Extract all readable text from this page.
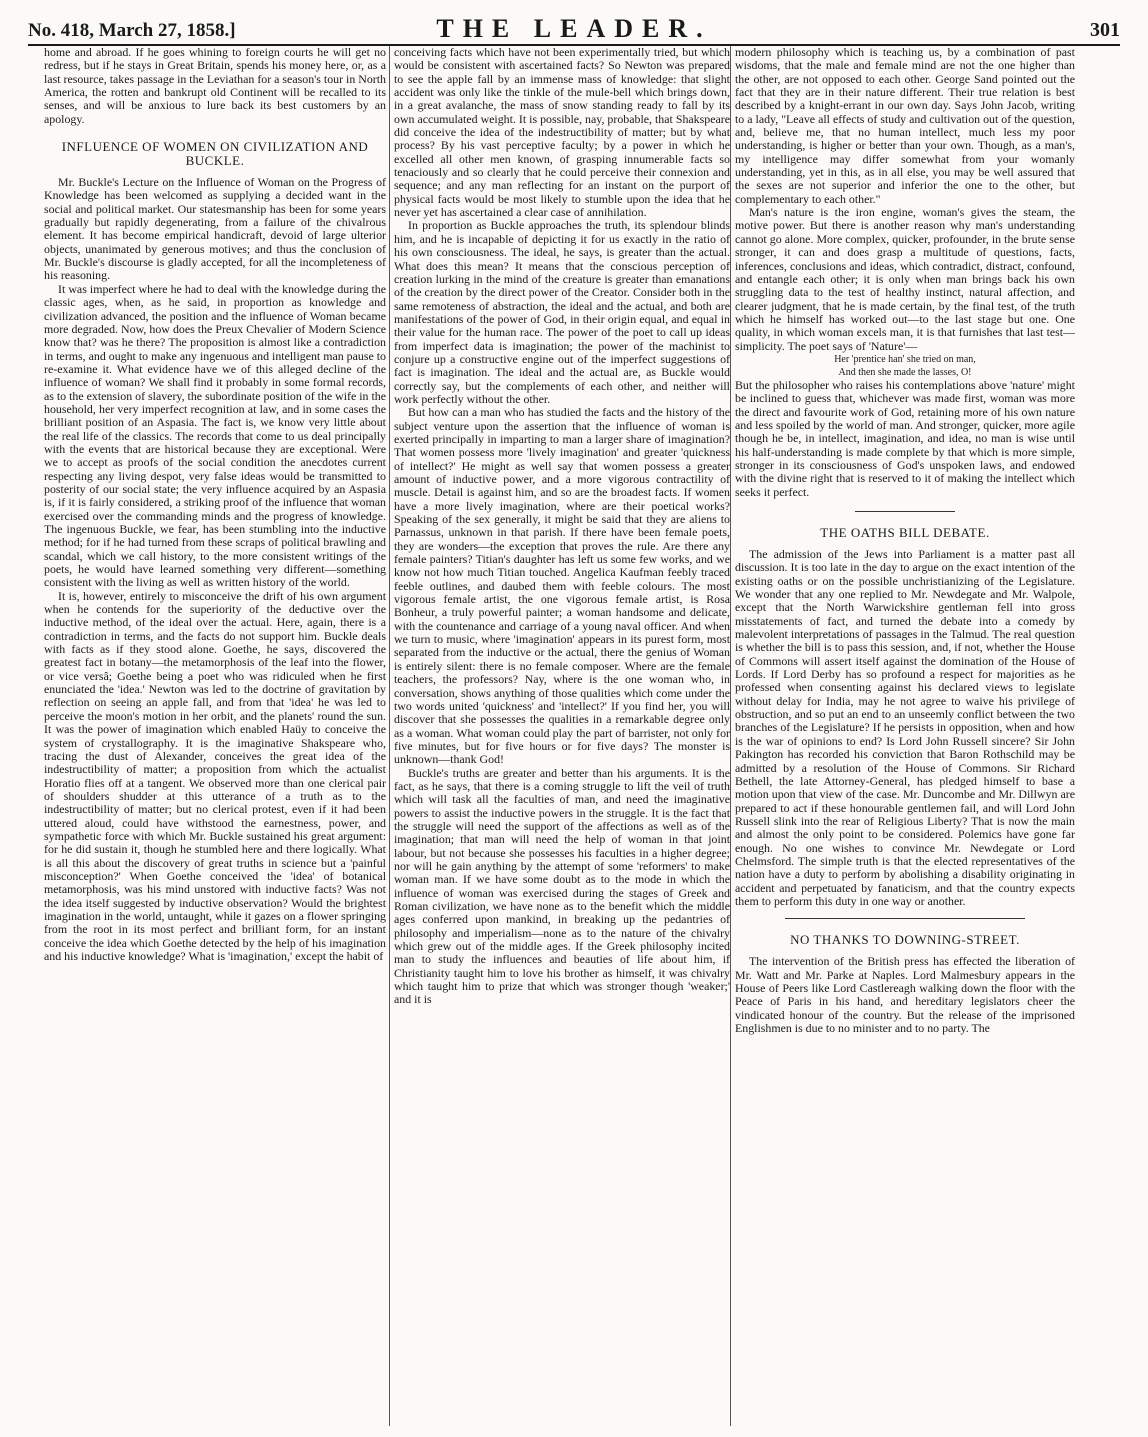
No. 418, March 27, 1858.]	THE LEADER.	301

home and abroad. If he goes whining to foreign courts he will get no redress, but if he stays in Great Britain, spends his money here, or, as a last resource, takes passage in the Leviathan for a season's tour in North America, the rotten and bankrupt old Continent will be recalled to its senses, and will be anxious to lure back its best customers by an apology.

INFLUENCE OF WOMEN ON CIVILIZATION AND BUCKLE.

Mr. Buckle's Lecture on the Influence of Woman on the Progress of Knowledge has been welcomed as supplying a decided want in the social and political market. Our statesmanship has been for some years gradually but rapidly degenerating, from a failure of the chivalrous element. It has become empirical handicraft, devoid of large ulterior objects, unanimated by generous motives; and thus the conclusion of Mr. Buckle's discourse is gladly accepted, for all the incompleteness of his reasoning.

It was imperfect where he had to deal with the knowledge during the classic ages, when, as he said, in proportion as knowledge and civilization advanced, the position and the influence of Woman became more degraded. Now, how does the Preux Chevalier of Modern Science know that? was he there? The proposition is almost like a contradiction in terms, and ought to make any ingenuous and intelligent man pause to re-examine it. What evidence have we of this alleged decline of the influence of woman? We shall find it probably in some formal records, as to the extension of slavery, the subordinate position of the wife in the household, her very imperfect recognition at law, and in some cases the brilliant position of an Aspasia. The fact is, we know very little about the real life of the classics. The records that come to us deal principally with the events that are historical because they are exceptional. Were we to accept as proofs of the social condition the anecdotes current respecting any living despot, very false ideas would be transmitted to posterity of our social state; the very influence acquired by an Aspasia is, if it is fairly considered, a striking proof of the influence that woman exercised over the commanding minds and the progress of knowledge. The ingenuous Buckle, we fear, has been stumbling into the inductive method; for if he had turned from these scraps of political brawling and scandal, which we call history, to the more consistent writings of the poets, he would have learned something very different—something consistent with the living as well as written history of the world.

It is, however, entirely to misconceive the drift of his own argument when he contends for the superiority of the deductive over the inductive method, of the ideal over the actual. Here, again, there is a contradiction in terms, and the facts do not support him. Buckle deals with facts as if they stood alone. Goethe, he says, discovered the greatest fact in botany—the metamorphosis of the leaf into the flower, or vice versâ; Goethe being a poet who was ridiculed when he first enunciated the 'idea.' Newton was led to the doctrine of gravitation by reflection on seeing an apple fall, and from that 'idea' he was led to perceive the moon's motion in her orbit, and the planets' round the sun. It was the power of imagination which enabled Haüy to conceive the system of crystallography. It is the imaginative Shakspeare who, tracing the dust of Alexander, conceives the great idea of the indestructibility of matter; a proposition from which the actualist Horatio flies off at a tangent. We observed more than one clerical pair of shoulders shudder at this utterance of a truth as to the indestructibility of matter; but no clerical protest, even if it had been uttered aloud, could have withstood the earnestness, power, and sympathetic force with which Mr. Buckle sustained his great argument: for he did sustain it, though he stumbled here and there logically. What is all this about the discovery of great truths in science but a 'painful misconception?' When Goethe conceived the 'idea' of botanical metamorphosis, was his mind unstored with inductive facts? Was not the idea itself suggested by inductive observation? Would the brightest imagination in the world, untaught, while it gazes on a flower springing from the root in its most perfect and brilliant form, for an instant conceive the idea which Goethe detected by the help of his imagination and his inductive knowledge? What is 'imagination,' except the habit of

conceiving facts which have not been experimentally tried, but which would be consistent with ascertained facts? So Newton was prepared to see the apple fall by an immense mass of knowledge: that slight accident was only like the tinkle of the mule-bell which brings down, in a great avalanche, the mass of snow standing ready to fall by its own accumulated weight. It is possible, nay, probable, that Shakspeare did conceive the idea of the indestructibility of matter; but by what process? By his vast perceptive faculty; by a power in which he excelled all other men known, of grasping innumerable facts so tenaciously and so clearly that he could perceive their connexion and sequence; and any man reflecting for an instant on the purport of physical facts would be most likely to stumble upon the idea that he never yet has ascertained a clear case of annihilation.

In proportion as Buckle approaches the truth, its splendour blinds him, and he is incapable of depicting it for us exactly in the ratio of his own consciousness. The ideal, he says, is greater than the actual. What does this mean? It means that the conscious perception of creation lurking in the mind of the creature is greater than emanations of the creation by the direct power of the Creator. Consider both in the same remoteness of abstraction, the ideal and the actual, and both are manifestations of the power of God, in their origin equal, and equal in their value for the human race. The power of the poet to call up ideas from imperfect data is imagination; the power of the machinist to conjure up a constructive engine out of the imperfect suggestions of fact is imagination. The ideal and the actual are, as Buckle would correctly say, but the complements of each other, and neither will work perfectly without the other.

But how can a man who has studied the facts and the history of the subject venture upon the assertion that the influence of woman is exerted principally in imparting to man a larger share of imagination? That women possess more 'lively imagination' and greater 'quickness of intellect?' He might as well say that women possess a greater amount of inductive power, and a more vigorous contractility of muscle. Detail is against him, and so are the broadest facts. If women have a more lively imagination, where are their poetical works? Speaking of the sex generally, it might be said that they are aliens to Parnassus, unknown in that parish. If there have been female poets, they are wonders—the exception that proves the rule. Are there any female painters? Titian's daughter has left us some few works, and we know not how much Titian touched. Angelica Kaufman feebly traced feeble outlines, and daubed them with feeble colours. The most vigorous female artist, the one vigorous female artist, is Rosa Bonheur, a truly powerful painter; a woman handsome and delicate, with the countenance and carriage of a young naval officer. And when we turn to music, where 'imagination' appears in its purest form, most separated from the inductive or the actual, there the genius of Woman is entirely silent: there is no female composer. Where are the female teachers, the professors? Nay, where is the one woman who, in conversation, shows anything of those qualities which come under the two words united 'quickness' and 'intellect?' If you find her, you will discover that she possesses the qualities in a remarkable degree only as a woman. What woman could play the part of barrister, not only for five minutes, but for five hours or for five days? The monster is unknown—thank God!

Buckle's truths are greater and better than his arguments. It is the fact, as he says, that there is a coming struggle to lift the veil of truth which will task all the faculties of man, and need the imaginative powers to assist the inductive powers in the struggle. It is the fact that the struggle will need the support of the affections as well as of the imagination; that man will need the help of woman in that joint labour, but not because she possesses his faculties in a higher degree; nor will he gain anything by the attempt of some 'reformers' to make woman man. If we have some doubt as to the mode in which the influence of woman was exercised during the stages of Greek and Roman civilization, we have none as to the benefit which the middle ages conferred upon mankind, in breaking up the pedantries of philosophy and imperialism—none as to the nature of the chivalry which grew out of the middle ages. If the Greek philosophy incited man to study the influences and beauties of life about him, if Christianity taught him to love his brother as himself, it was chivalry which taught him to prize that which was stronger though 'weaker;' and it is

modern philosophy which is teaching us, by a combination of past wisdoms, that the male and female mind are not the one higher than the other, are not opposed to each other. George Sand pointed out the fact that they are in their nature different. Their true relation is best described by a knight-errant in our own day. Says John Jacob, writing to a lady, "Leave all effects of study and cultivation out of the question, and, believe me, that no human intellect, much less my poor understanding, is higher or better than your own. Though, as a man's, my intelligence may differ somewhat from your womanly understanding, yet in this, as in all else, you may be well assured that the sexes are not superior and inferior the one to the other, but complementary to each other."

Man's nature is the iron engine, woman's gives the steam, the motive power. But there is another reason why man's understanding cannot go alone. More complex, quicker, profounder, in the brute sense stronger, it can and does grasp a multitude of questions, facts, inferences, conclusions and ideas, which contradict, distract, confound, and entangle each other; it is only when man brings back his own struggling data to the test of healthy instinct, natural affection, and clearer judgment, that he is made certain, by the final test, of the truth which he himself has worked out—to the last stage but one. One quality, in which woman excels man, it is that furnishes that last test—simplicity. The poet says of 'Nature'—

Her 'prentice han' she tried on man,
And then she made the lasses, O!

But the philosopher who raises his contemplations above 'nature' might be inclined to guess that, whichever was made first, woman was more the direct and favourite work of God, retaining more of his own nature and less spoiled by the world of man. And stronger, quicker, more agile though he be, in intellect, imagination, and idea, no man is wise until his half-understanding is made complete by that which is more simple, stronger in its consciousness of God's unspoken laws, and endowed with the divine right that is reserved to it of making the intellect which seeks it perfect.

THE OATHS BILL DEBATE.

The admission of the Jews into Parliament is a matter past all discussion. It is too late in the day to argue on the exact intention of the existing oaths or on the possible unchristianizing of the Legislature. We wonder that any one replied to Mr. Newdegate and Mr. Walpole, except that the North Warwickshire gentleman fell into gross misstatements of fact, and turned the debate into a comedy by malevolent interpretations of passages in the Talmud. The real question is whether the bill is to pass this session, and, if not, whether the House of Commons will assert itself against the domination of the House of Lords. If Lord Derby has so profound a respect for majorities as he professed when consenting against his declared views to legislate without delay for India, may he not agree to waive his privilege of obstruction, and so put an end to an unseemly conflict between the two branches of the Legislature? If he persists in opposition, when and how is the war of opinions to end? Is Lord John Russell sincere? Sir John Pakington has recorded his conviction that Baron Rothschild may be admitted by a resolution of the House of Commons. Sir Richard Bethell, the late Attorney-General, has pledged himself to base a motion upon that view of the case. Mr. Duncombe and Mr. Dillwyn are prepared to act if these honourable gentlemen fail, and will Lord John Russell slink into the rear of Religious Liberty? That is now the main and almost the only point to be considered. Polemics have gone far enough. No one wishes to convince Mr. Newdegate or Lord Chelmsford. The simple truth is that the elected representatives of the nation have a duty to perform by abolishing a disability originating in accident and perpetuated by fanaticism, and that the country expects them to perform this duty in one way or another.

NO THANKS TO DOWNING-STREET.

The intervention of the British press has effected the liberation of Mr. Watt and Mr. Parke at Naples. Lord Malmesbury appears in the House of Peers like Lord Castlereagh walking down the floor with the Peace of Paris in his hand, and hereditary legislators cheer the vindicated honour of the country. But the release of the imprisoned Englishmen is due to no minister and to no party. The
